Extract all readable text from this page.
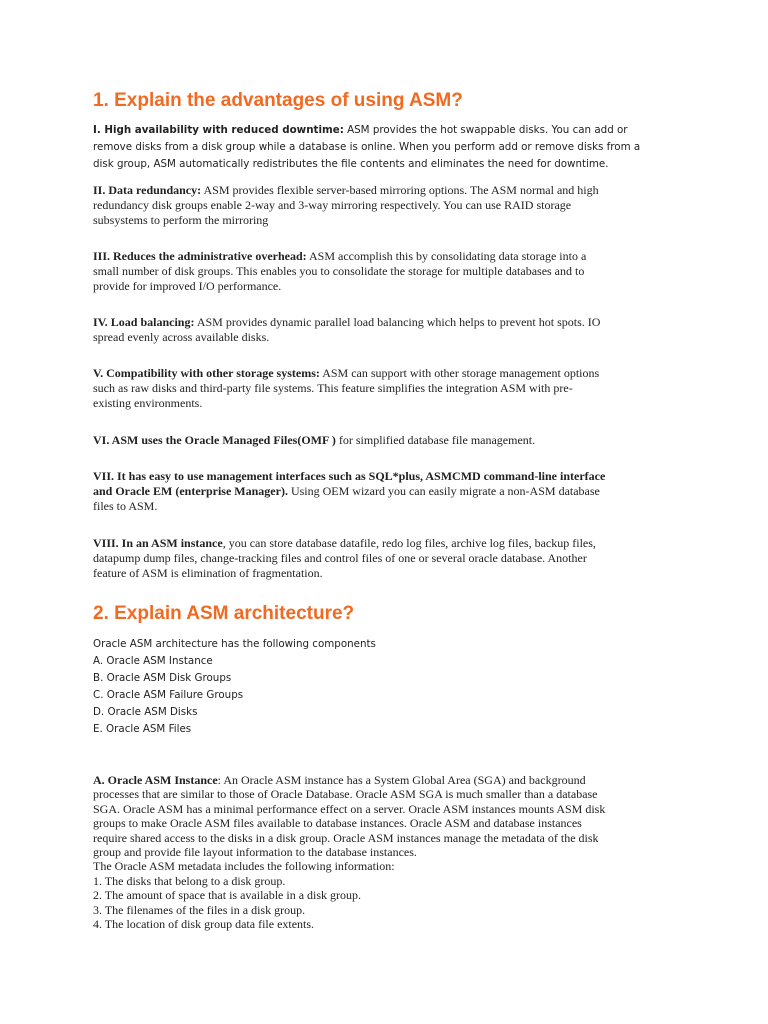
1. Explain the advantages of using ASM?

I. High availability with reduced downtime: ASM provides the hot swappable disks. You can add or
remove disks from a disk group while a database is online. When you perform add or remove disks from a
disk group, ASM automatically redistributes the file contents and eliminates the need for downtime.

II. Data redundancy: ASM provides flexible server-based mirroring options. The ASM normal and high
redundancy disk groups enable 2-way and 3-way mirroring respectively. You can use RAID storage
subsystems to perform the mirroring

III. Reduces the administrative overhead: ASM accomplish this by consolidating data storage into a
small number of disk groups. This enables you to consolidate the storage for multiple databases and to
provide for improved I/O performance.

IV. Load balancing: ASM provides dynamic parallel load balancing which helps to prevent hot spots. IO
spread evenly across available disks.

V. Compatibility with other storage systems: ASM can support with other storage management options
such as raw disks and third-party file systems. This feature simplifies the integration ASM with pre-
existing environments.

VI. ASM uses the Oracle Managed Files(OMF ) for simplified database file management.

VII. It has easy to use management interfaces such as SQL*plus, ASMCMD command-line interface
and Oracle EM (enterprise Manager). Using OEM wizard you can easily migrate a non-ASM database
files to ASM.

VIII. In an ASM instance, you can store database datafile, redo log files, archive log files, backup files,
datapump dump files, change-tracking files and control files of one or several oracle database. Another
feature of ASM is elimination of fragmentation.

2. Explain ASM architecture?
Oracle ASM architecture has the following components
A. Oracle ASM Instance
B. Oracle ASM Disk Groups
C. Oracle ASM Failure Groups
D. Oracle ASM Disks
E. Oracle ASM Files

A. Oracle ASM Instance: An Oracle ASM instance has a System Global Area (SGA) and background
processes that are similar to those of Oracle Database. Oracle ASM SGA is much smaller than a database
SGA. Oracle ASM has a minimal performance effect on a server. Oracle ASM instances mounts ASM disk
groups to make Oracle ASM files available to database instances. Oracle ASM and database instances
require shared access to the disks in a disk group. Oracle ASM instances manage the metadata of the disk
group and provide file layout information to the database instances.
The Oracle ASM metadata includes the following information:
1. The disks that belong to a disk group.
2. The amount of space that is available in a disk group.
3. The filenames of the files in a disk group.
4. The location of disk group data file extents.
